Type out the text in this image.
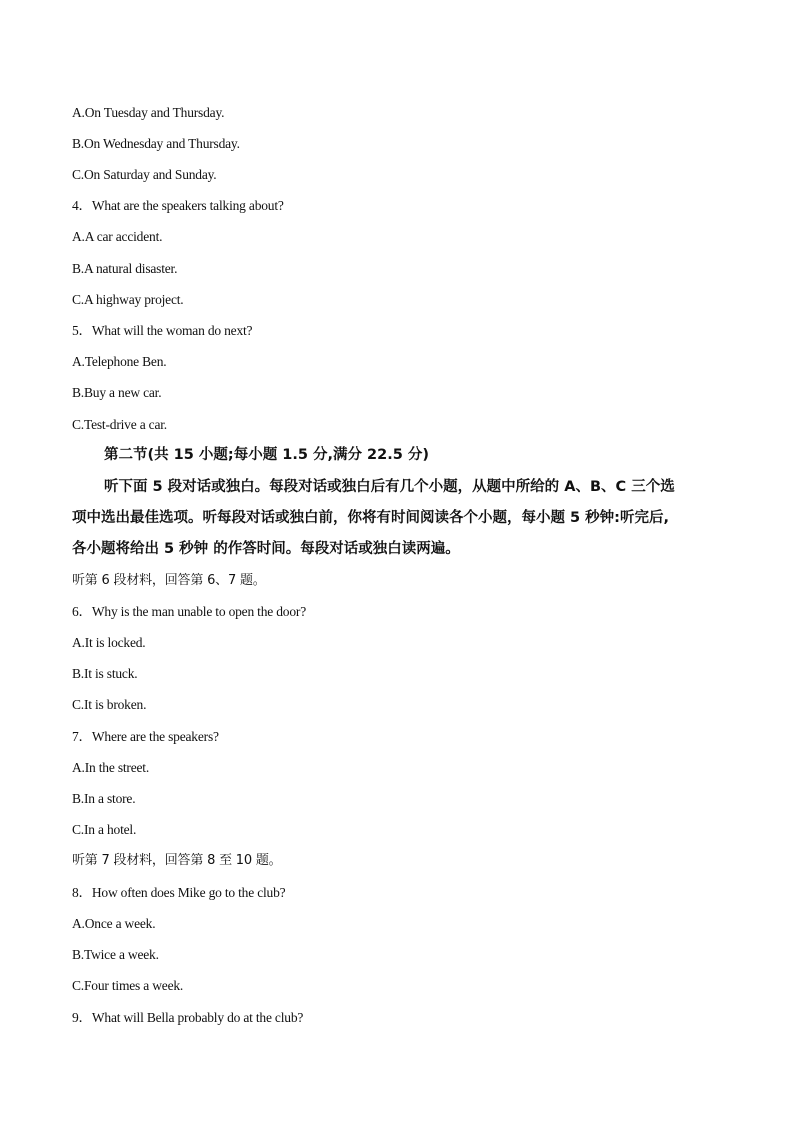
A.On Tuesday and Thursday.
B.On Wednesday and Thursday.
C.On Saturday and Sunday.
4．What are the speakers talking about?
A.A car accident.
B.A natural disaster.
C.A highway project.
5．What will the woman do next?
A.Telephone Ben.
B.Buy a new car.
C.Test-drive a car.
第二节(共 15 小题;每小题 1.5 分,满分 22.5 分)
听下面 5 段对话或独白。每段对话或独白后有几个小题，从题中所给的 A、B、C 三个选
项中选出最佳选项。听每段对话或独白前，你将有时间阅读各个小题，每小题 5 秒钟:听完后,
各小题将给出 5 秒钟 的作答时间。每段对话或独白读两遍。
听第 6 段材料，回答第 6、7 题。
6．Why is the man unable to open the door?
A.It is locked.
B.It is stuck.
C.It is broken.
7．Where are the speakers?
A.In the street.
B.In a store.
C.In a hotel.
听第 7 段材料，回答第 8 至 10 题。
8．How often does Mike go to the club?
A.Once a week.
B.Twice a week.
C.Four times a week.
9．What will Bella probably do at the club?
